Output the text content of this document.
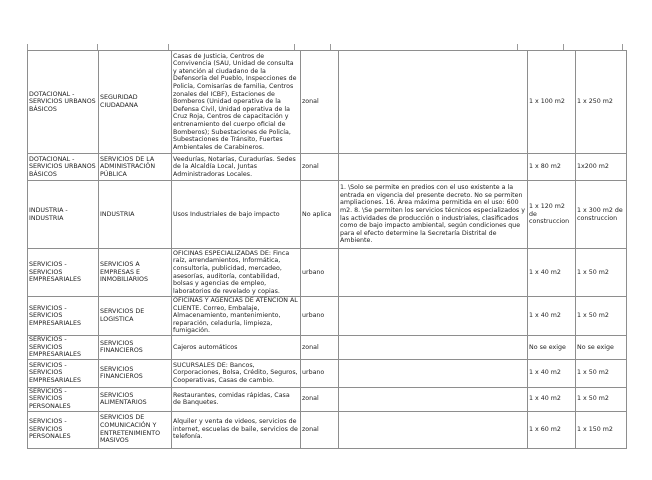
DOTACIONAL - SERVICIOS URBANOS BÁSICOS	SEGURIDAD CIUDADANA	Casas de Justicia, Centros de Convivencia (SAU, Unidad de consulta y atención al ciudadano de la Defensoría del Pueblo, Inspecciones de Policía, Comisarías de familia, Centros zonales del ICBF), Estaciones de Bomberos (Unidad operativa de la Defensa Civil, Unidad operativa de la Cruz Roja, Centros de capacitación y entrenamiento del cuerpo oficial de Bomberos); Subestaciones de Policía, Subestaciones de Tránsito, Fuertes Ambientales de Carabineros.	zonal		1 x 100 m2	1 x 250 m2
DOTACIONAL - SERVICIOS URBANOS BÁSICOS	SERVICIOS DE LA ADMINISTRACIÓN PÚBLICA	Veedurías, Notarías, Curadurías. Sedes de la Alcaldía Local, Juntas Administradoras Locales.	zonal		1 x 80 m2	1x200 m2
INDUSTRIA - INDUSTRIA	INDUSTRIA	Usos Industriales de bajo impacto	No aplica	1. \Solo se permite en predios con el uso existente a la entrada en vigencia del presente decreto. No se permiten ampliaciones. 16. Área máxima permitida en el uso: 600 m2. 8. \Se permiten los servicios técnicos especializados y las actividades de producción o industriales, clasificados como de bajo impacto ambiental, según condiciones que para el efecto determine la Secretaría Distrital de Ambiente.	1 x 120 m2 de construccion	1 x 300 m2 de construccion
SERVICIOS - SERVICIOS EMPRESARIALES	SERVICIOS A EMPRESAS E INMOBILIARIOS	OFICINAS ESPECIALIZADAS DE: Finca raíz, arrendamientos, Informática, consultoría, publicidad, mercadeo, asesorías, auditoría, contabilidad, bolsas y agencias de empleo, laboratorios de revelado y copias.	urbano		1 x 40 m2	1 x 50 m2
SERVICIOS - SERVICIOS EMPRESARIALES	SERVICIOS DE LOGISTICA	OFICINAS Y AGENCIAS DE ATENCIÓN AL CLIENTE. Correo, Embalaje, Almacenamiento, mantenimiento, reparación, celaduría, limpieza, fumigación.	urbano		1 x 40 m2	1 x 50 m2
SERVICIOS - SERVICIOS EMPRESARIALES	SERVICIOS FINANCIEROS	Cajeros automáticos	zonal		No se exige	No se exige
SERVICIOS - SERVICIOS EMPRESARIALES	SERVICIOS FINANCIEROS	SUCURSALES DE: Bancos, Corporaciones, Bolsa, Crédito, Seguros, Cooperativas, Casas de cambio.	urbano		1 x 40 m2	1 x 50 m2
SERVICIOS - SERVICIOS PERSONALES	SERVICIOS ALIMENTARIOS	Restaurantes, comidas rápidas, Casa de Banquetes.	zonal		1 x 40 m2	1 x 50 m2
SERVICIOS - SERVICIOS PERSONALES	SERVICIOS DE COMUNICACIÓN Y ENTRETENIMIENTO MASIVOS	Alquiler y venta de videos, servicios de internet, escuelas de baile, servicios de telefonía.	zonal		1 x 60 m2	1 x 150 m2
